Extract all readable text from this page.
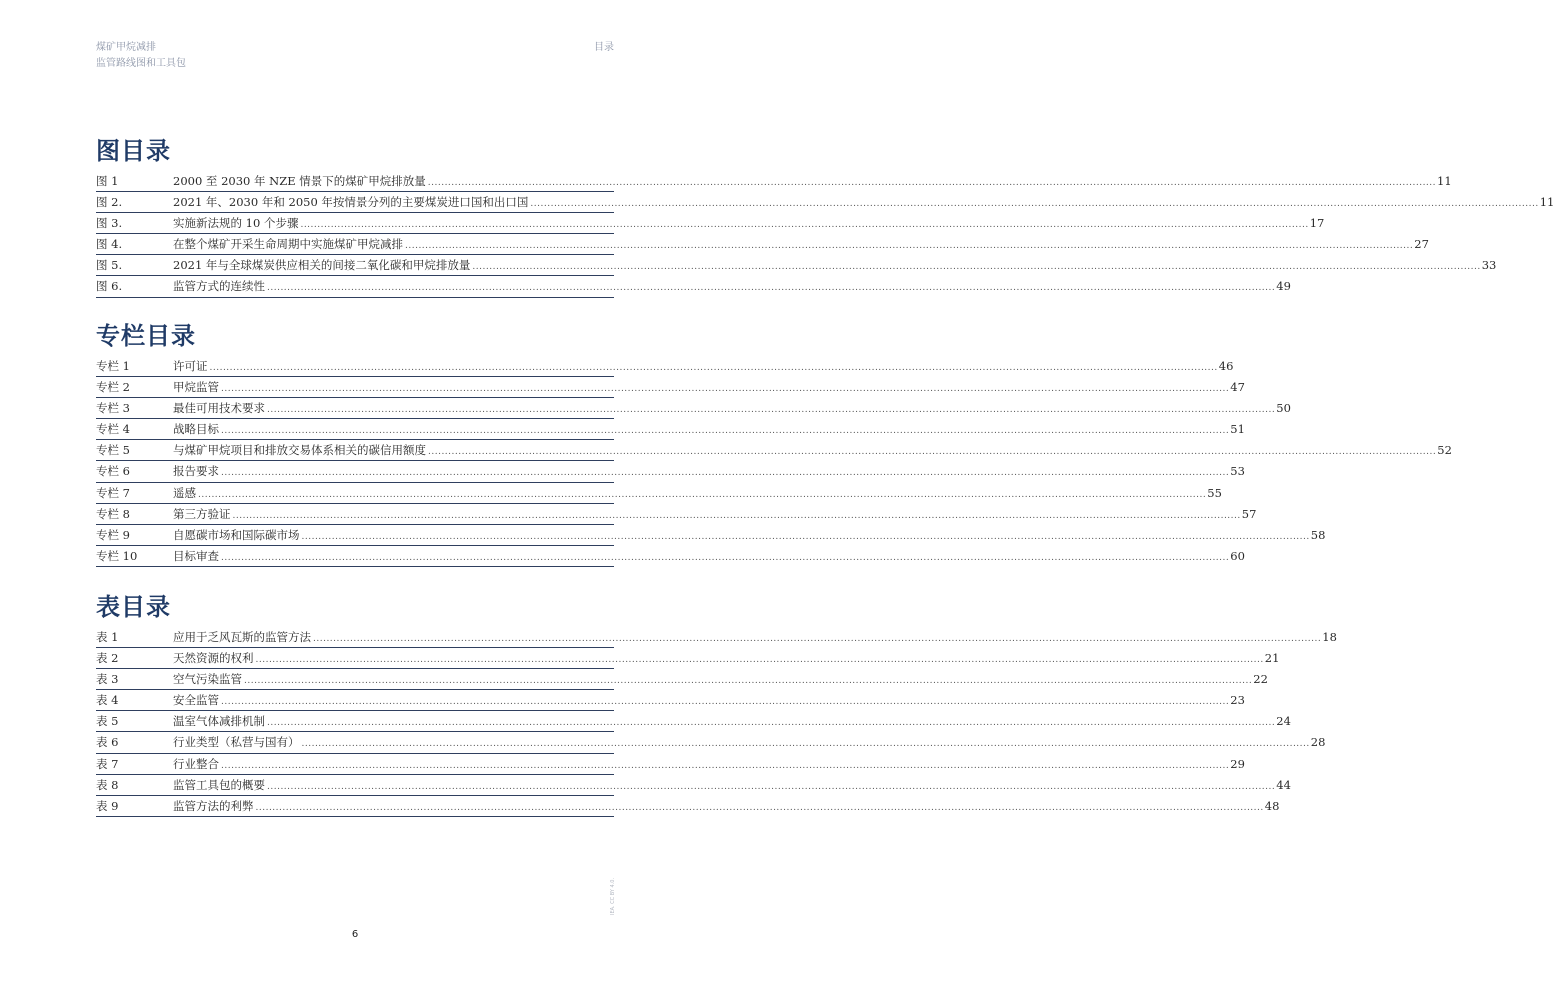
煤矿甲烷减排
监管路线图和工具包
目录
图目录
图 1	2000 至 2030 年 NZE 情景下的煤矿甲烷排放量 ............................................................................................................................................................................................................................................................................................................ 11
图 2.	2021 年、2030 年和 2050 年按情景分列的主要煤炭进口国和出口国 ............................................................................................................................................................................................................................................................................................................ 11
图 3.	实施新法规的 10 个步骤 ............................................................................................................................................................................................................................................................................................................ 17
图 4.	在整个煤矿开采生命周期中实施煤矿甲烷减排 ............................................................................................................................................................................................................................................................................................................ 27
图 5.	2021 年与全球煤炭供应相关的间接二氧化碳和甲烷排放量 ............................................................................................................................................................................................................................................................................................................ 33
图 6.	监管方式的连续性 ............................................................................................................................................................................................................................................................................................................ 49
专栏目录
专栏 1	许可证 ............................................................................................................................................................................................................................................................................................................ 46
专栏 2	甲烷监管 ............................................................................................................................................................................................................................................................................................................ 47
专栏 3	最佳可用技术要求 ............................................................................................................................................................................................................................................................................................................ 50
专栏 4	战略目标 ............................................................................................................................................................................................................................................................................................................ 51
专栏 5	与煤矿甲烷项目和排放交易体系相关的碳信用额度 ............................................................................................................................................................................................................................................................................................................ 52
专栏 6	报告要求 ............................................................................................................................................................................................................................................................................................................ 53
专栏 7	遥感 ............................................................................................................................................................................................................................................................................................................ 55
专栏 8	第三方验证 ............................................................................................................................................................................................................................................................................................................ 57
专栏 9	自愿碳市场和国际碳市场 ............................................................................................................................................................................................................................................................................................................ 58
专栏 10	目标审查 ............................................................................................................................................................................................................................................................................................................ 60
表目录
表 1	应用于乏风瓦斯的监管方法 ............................................................................................................................................................................................................................................................................................................ 18
表 2	天然资源的权利 ............................................................................................................................................................................................................................................................................................................ 21
表 3	空气污染监管 ............................................................................................................................................................................................................................................................................................................ 22
表 4	安全监管 ............................................................................................................................................................................................................................................................................................................ 23
表 5	温室气体减排机制 ............................................................................................................................................................................................................................................................................................................ 24
表 6	行业类型（私营与国有） ............................................................................................................................................................................................................................................................................................................ 28
表 7	行业整合 ............................................................................................................................................................................................................................................................................................................ 29
表 8	监管工具包的概要 ............................................................................................................................................................................................................................................................................................................ 44
表 9	监管方法的利弊 ............................................................................................................................................................................................................................................................................................................ 48
6
IEA. CC BY 4.0.
